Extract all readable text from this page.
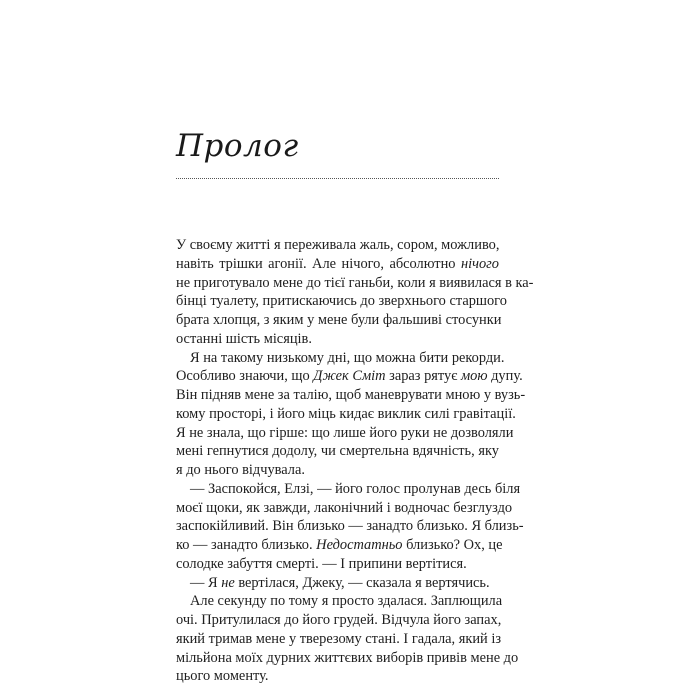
Пролог
У своєму житті я переживала жаль, сором, можливо,
навіть трішки агонії. Але нічого, абсолютно нічого
не приготувало мене до тієї ганьби, коли я виявилася в ка-
бінці туалету, притискаючись до зверхнього старшого
брата хлопця, з яким у мене були фальшиві стосунки
останні шість місяців.
Я на такому низькому дні, що можна бити рекорди.
Особливо знаючи, що Джек Сміт зараз рятує мою дупу.
Він підняв мене за талію, щоб маневрувати мною у вузь-
кому просторі, і його міць кидає виклик силі гравітації.
Я не знала, що гірше: що лише його руки не дозволяли
мені гепнутися додолу, чи смертельна вдячність, яку
я до нього відчувала.
— Заспокойся, Елзі, — його голос пролунав десь біля
моєї щоки, як завжди, лаконічний і водночас безглуздо
заспокійливий. Він близько — занадто близько. Я близь-
ко — занадто близько. Недостатньо близько? Ох, це
солодке забуття смерті. — І припини вертітися.
— Я не вертілася, Джеку, — сказала я вертячись.
Але секунду по тому я просто здалася. Заплющила
очі. Притулилася до його грудей. Відчула його запах,
який тримав мене у тверезому стані. І гадала, який із
мільйона моїх дурних життєвих виборів привів мене до
цього моменту.
